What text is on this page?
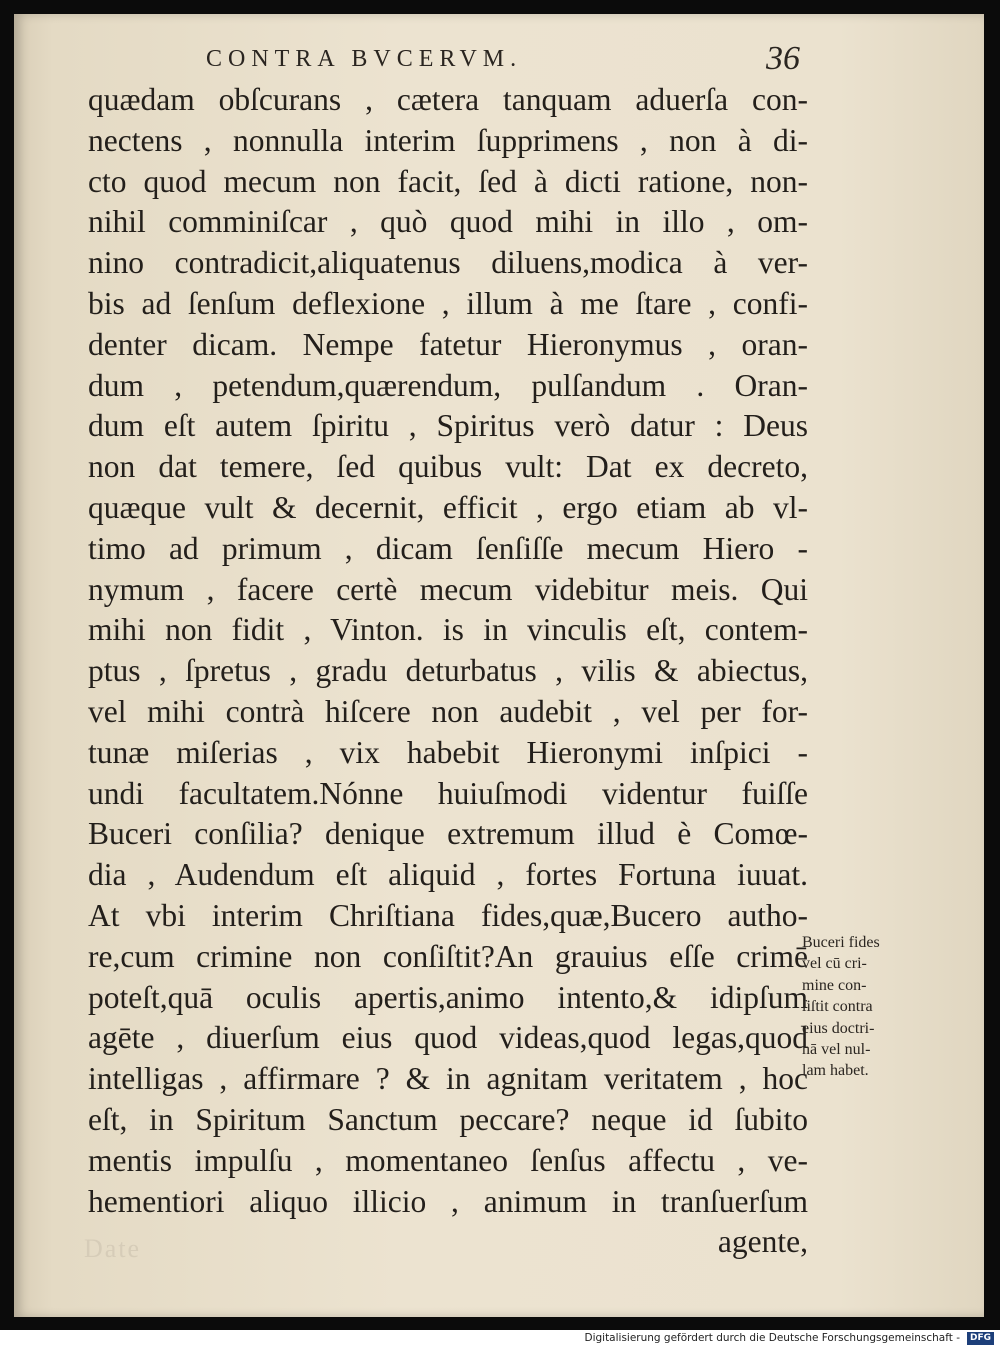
CONTRA BVCERVM.	36
quædam obſcurans , cætera tanquam aduerſa con-
nectens , nonnulla interim ſupprimens , non à di-
cto quod mecum non facit, ſed à dicti ratione, non-
nihil comminiſcar , quò quod mihi in illo , om-
nino contradicit,aliquatenus diluens,modica à ver-
bis ad ſenſum deflexione , illum à me ſtare , confi-
denter dicam. Nempe fatetur Hieronymus , oran-
dum , petendum,quærendum, pulſandum . Oran-
dum eſt autem ſpiritu , Spiritus verò datur : Deus
non dat temere, ſed quibus vult: Dat ex decreto,
quæque vult & decernit, efficit , ergo etiam ab vl-
timo ad primum , dicam ſenſiſſe mecum Hiero -
nymum , facere certè mecum videbitur meis. Qui
mihi non fidit , Vinton. is in vinculis eſt, contem-
ptus , ſpretus , gradu deturbatus , vilis & abiectus,
vel mihi contrà hiſcere non audebit , vel per for-
tunæ miſerias , vix habebit Hieronymi inſpici -
undi facultatem.Nónne huiuſmodi videntur fuiſſe
Buceri conſilia? denique extremum illud è Comœ-
dia , Audendum eſt aliquid , fortes Fortuna iuuat.
At vbi interim Chriſtiana fides,quæ,Bucero autho-
re,cum crimine non conſiſtit?An grauius eſſe crimē
poteſt,quā oculis apertis,animo intento,& idipſum
agēte , diuerſum eius quod videas,quod legas,quod
intelligas , affirmare ? & in agnitam veritatem , hoc
eſt, in Spiritum Sanctum peccare? neque id ſubito
mentis impulſu , momentaneo ſenſus affectu , ve-
hementiori aliquo illicio , animum in tranſuerſum
agente,
Buceri fides
vel cū cri-
mine con-
ſiſtit contra
eius doctri-
nā vel nul-
lam habet.
Date
Digitalisierung gefördert durch die Deutsche Forschungsgemeinschaft -	DFG
